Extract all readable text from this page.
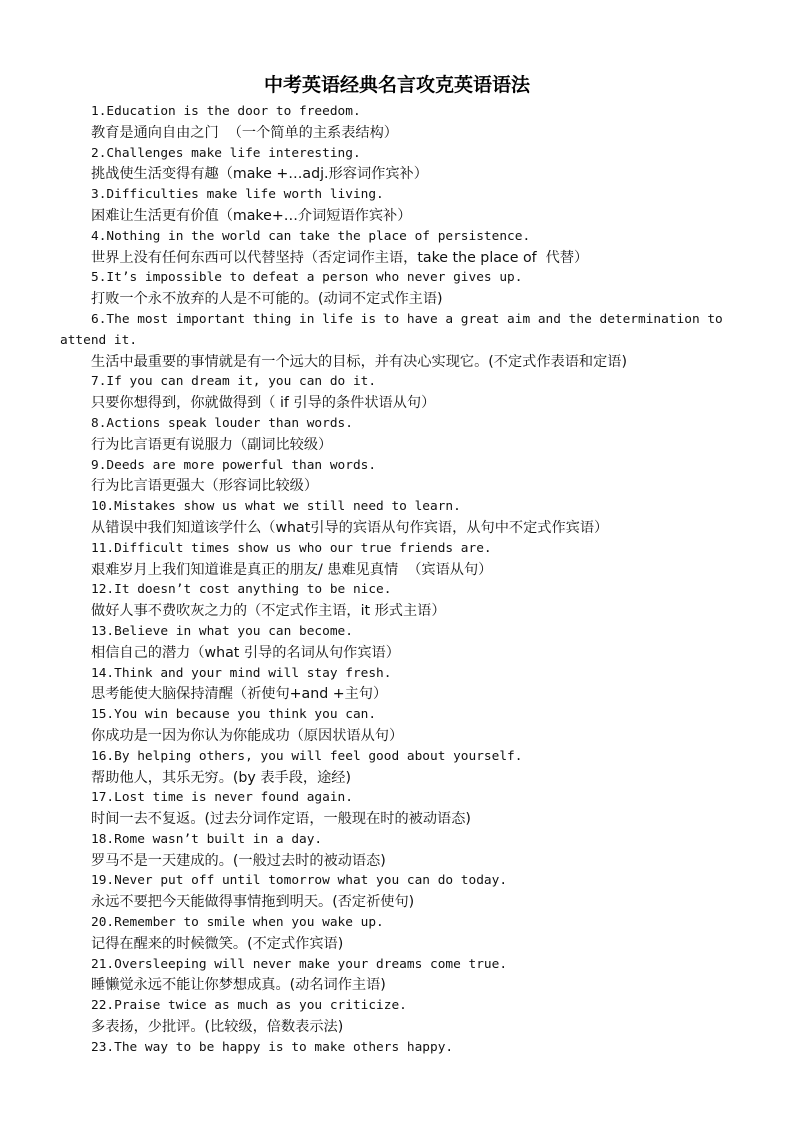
中考英语经典名言攻克英语语法
1.Education is the door to freedom.
教育是通向自由之门  （一个简单的主系表结构）
2.Challenges make life interesting.
挑战使生活变得有趣（make +…adj.形容词作宾补）
3.Difficulties make life worth living.
困难让生活更有价值（make+…介词短语作宾补）
4.Nothing in the world can take the place of persistence.
世界上没有任何东西可以代替坚持（否定词作主语，take the place of  代替）
5.It’s impossible to defeat a person who never gives up.
打败一个永不放弃的人是不可能的。(动词不定式作主语)
6.The most important thing in life is to have a great aim and the determination to
attend it.
生活中最重要的事情就是有一个远大的目标，并有决心实现它。(不定式作表语和定语)
7.If you can dream it, you can do it.
只要你想得到，你就做得到（ if 引导的条件状语从句）
8.Actions speak louder than words.
行为比言语更有说服力（副词比较级）
9.Deeds are more powerful than words.
行为比言语更强大（形容词比较级）
10.Mistakes show us what we still need to learn.
从错误中我们知道该学什么（what引导的宾语从句作宾语，从句中不定式作宾语）
11.Difficult times show us who our true friends are.
艰难岁月上我们知道谁是真正的朋友/ 患难见真情  （宾语从句）
12.It doesn’t cost anything to be nice.
做好人事不费吹灰之力的（不定式作主语，it 形式主语）
13.Believe in what you can become.
相信自己的潜力（what 引导的名词从句作宾语）
14.Think and your mind will stay fresh.
思考能使大脑保持清醒（祈使句+and +主句）
15.You win because you think you can.
你成功是一因为你认为你能成功（原因状语从句）
16.By helping others, you will feel good about yourself.
帮助他人，其乐无穷。(by 表手段，途经)
17.Lost time is never found again.
时间一去不复返。(过去分词作定语，一般现在时的被动语态)
18.Rome wasn’t built in a day.
罗马不是一天建成的。(一般过去时的被动语态)
19.Never put off until tomorrow what you can do today.
永远不要把今天能做得事情拖到明天。(否定祈使句)
20.Remember to smile when you wake up.
记得在醒来的时候微笑。(不定式作宾语)
21.Oversleeping will never make your dreams come true.
睡懒觉永远不能让你梦想成真。(动名词作主语)
22.Praise twice as much as you criticize.
多表扬，少批评。(比较级，倍数表示法)
23.The way to be happy is to make others happy.
